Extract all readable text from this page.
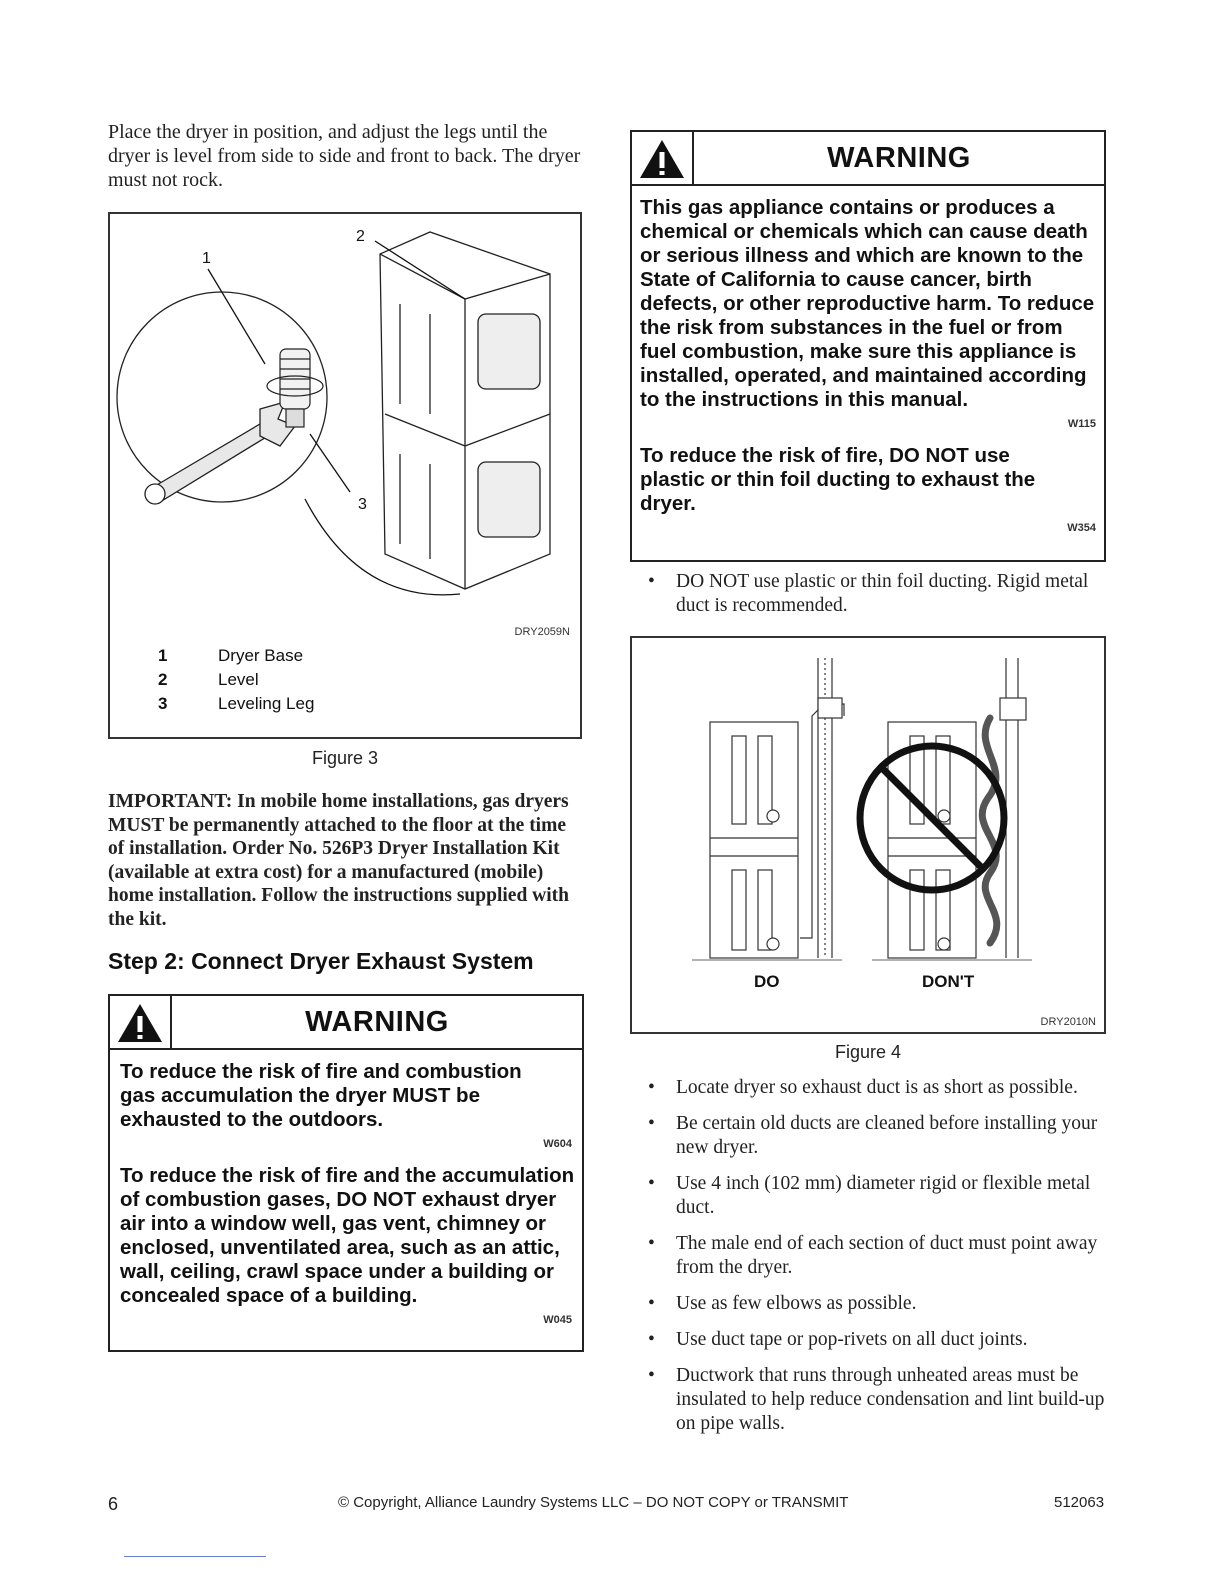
Place the dryer in position, and adjust the legs until the dryer is level from side to side and front to back. The dryer must not rock.
1
2
3
DRY2059N
1	Dryer Base
2	Level
3	Leveling Leg
Figure 3
IMPORTANT: In mobile home installations, gas dryers MUST be permanently attached to the floor at the time of installation. Order No. 526P3 Dryer Installation Kit (available at extra cost) for a manufactured (mobile) home installation. Follow the instructions supplied with the kit.
Step 2: Connect Dryer Exhaust System
WARNING
To reduce the risk of fire and combustion gas accumulation the dryer MUST be exhausted to the outdoors.
W604
To reduce the risk of fire and the accumulation of combustion gases, DO NOT exhaust dryer air into a window well, gas vent, chimney or enclosed, unventilated area, such as an attic, wall, ceiling, crawl space under a building or concealed space of a building.
W045
WARNING
This gas appliance contains or produces a chemical or chemicals which can cause death or serious illness and which are known to the State of California to cause cancer, birth defects, or other reproductive harm. To reduce the risk from substances in the fuel or from fuel combustion, make sure this appliance is installed, operated, and maintained according to the instructions in this manual.
W115
To reduce the risk of fire, DO NOT use plastic or thin foil ducting to exhaust the dryer.
W354
• DO NOT use plastic or thin foil ducting. Rigid metal duct is recommended.
DO	DON'T
DRY2010N
Figure 4
• Locate dryer so exhaust duct is as short as possible.
• Be certain old ducts are cleaned before installing your new dryer.
• Use 4 inch (102 mm) diameter rigid or flexible metal duct.
• The male end of each section of duct must point away from the dryer.
• Use as few elbows as possible.
• Use duct tape or pop-rivets on all duct joints.
• Ductwork that runs through unheated areas must be insulated to help reduce condensation and lint build-up on pipe walls.
6	© Copyright, Alliance Laundry Systems LLC – DO NOT COPY or TRANSMIT	512063
